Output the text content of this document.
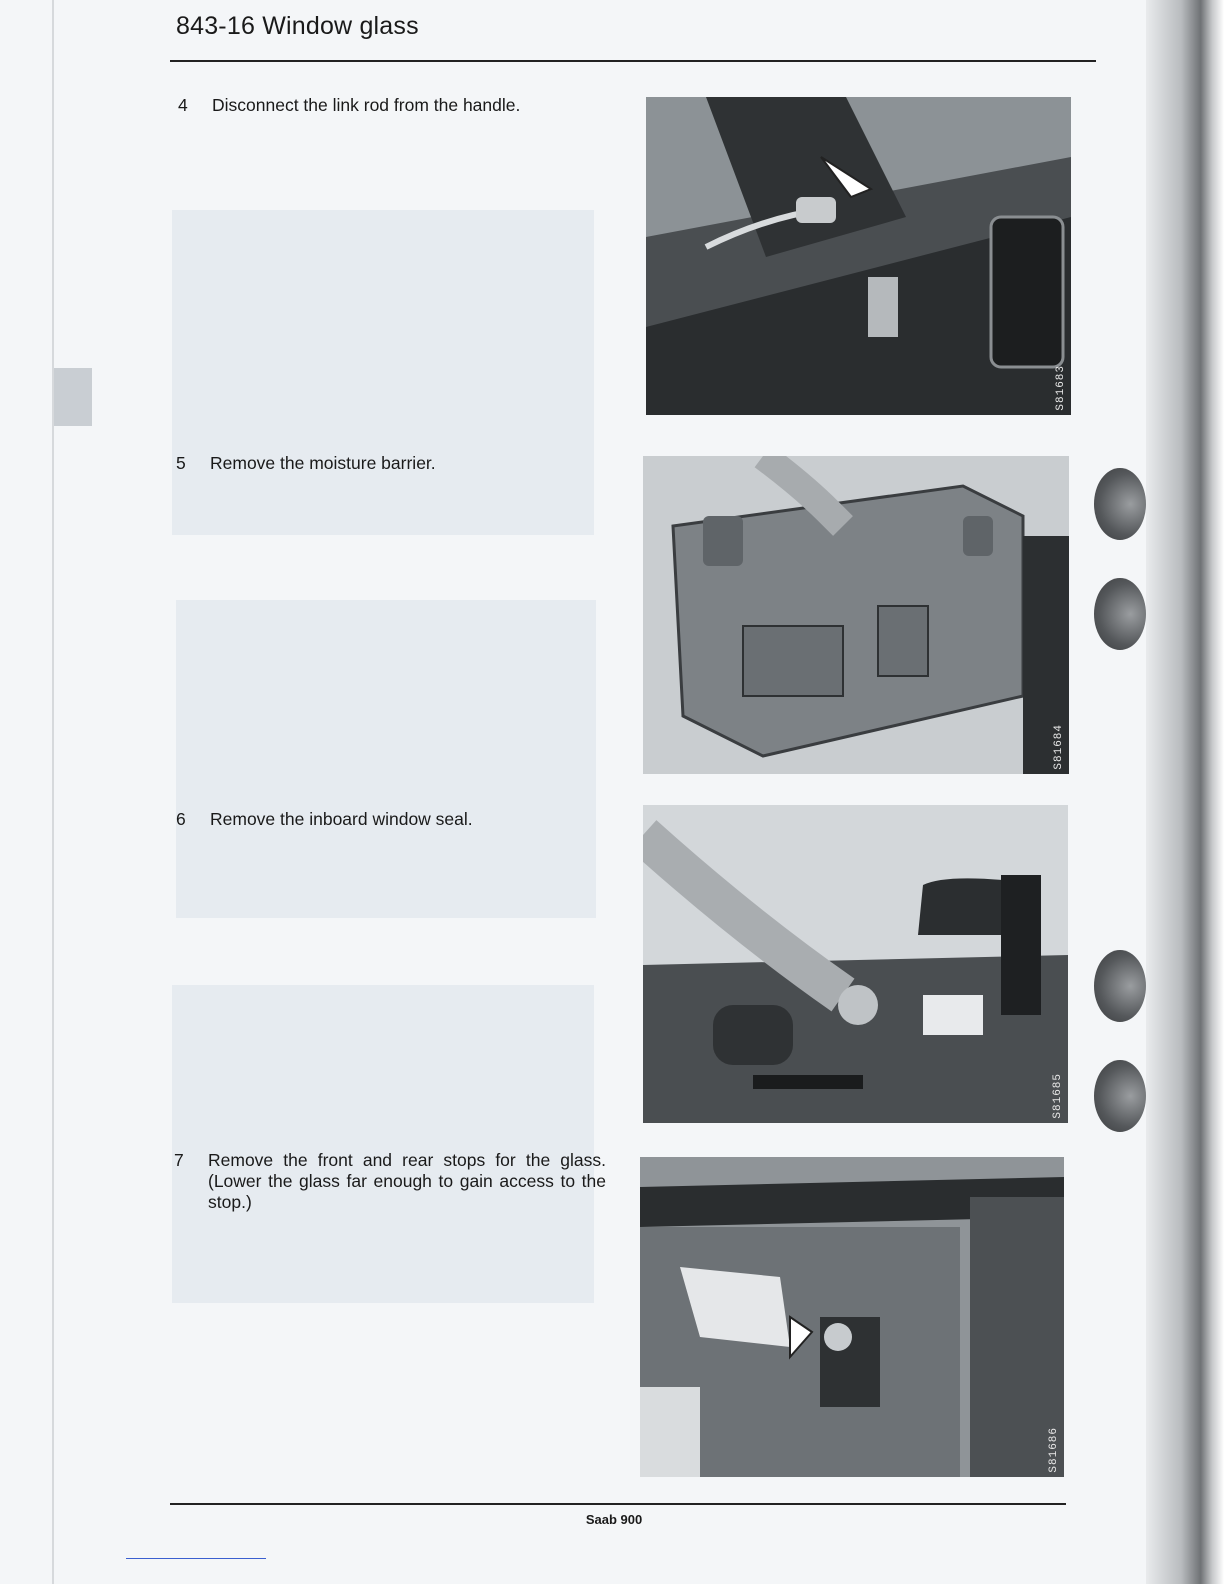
843-16 Window glass
4	Disconnect the link rod from the handle.
S81683
5	Remove the moisture barrier.
S81684
6	Remove the inboard window seal.
S81685
7	Remove the front and rear stops for the glass. (Lower the glass far enough to gain access to the stop.)
S81686
Saab 900
